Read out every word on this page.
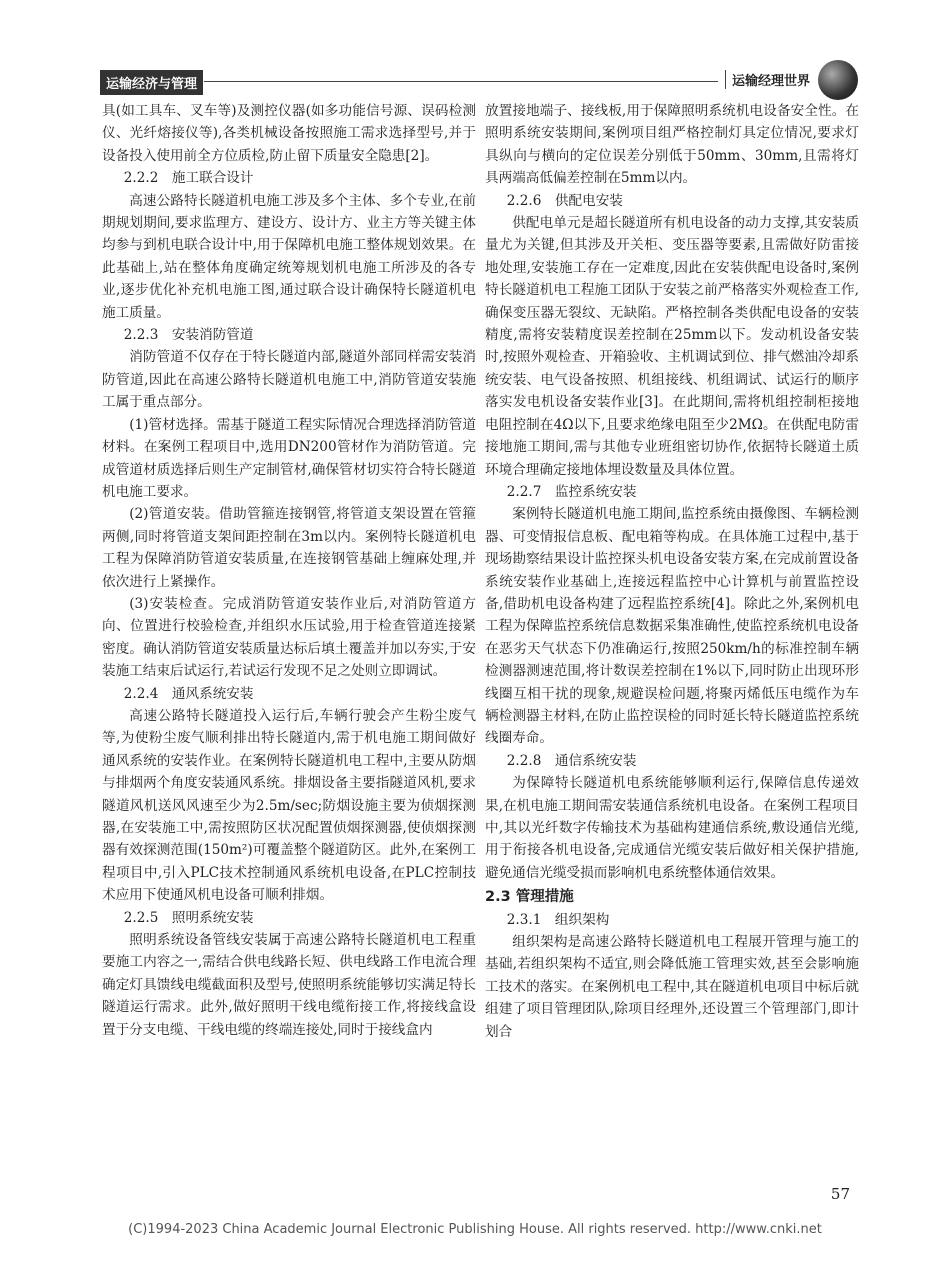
运输经济与管理	运输经理世界

具(如工具车、叉车等)及测控仪器(如多功能信号源、误码检测仪、光纤熔接仪等),各类机械设备按照施工需求选择型号,并于设备投入使用前全方位质检,防止留下质量安全隐患[2]。

2.2.2　施工联合设计

高速公路特长隧道机电施工涉及多个主体、多个专业,在前期规划期间,要求监理方、建设方、设计方、业主方等关键主体均参与到机电联合设计中,用于保障机电施工整体规划效果。在此基础上,站在整体角度确定统筹规划机电施工所涉及的各专业,逐步优化补充机电施工图,通过联合设计确保特长隧道机电施工质量。

2.2.3　安装消防管道

消防管道不仅存在于特长隧道内部,隧道外部同样需安装消防管道,因此在高速公路特长隧道机电施工中,消防管道安装施工属于重点部分。

(1)管材选择。需基于隧道工程实际情况合理选择消防管道材料。在案例工程项目中,选用DN200管材作为消防管道。完成管道材质选择后则生产定制管材,确保管材切实符合特长隧道机电施工要求。

(2)管道安装。借助管箍连接钢管,将管道支架设置在管箍两侧,同时将管道支架间距控制在3m以内。案例特长隧道机电工程为保障消防管道安装质量,在连接钢管基础上缠麻处理,并依次进行上紧操作。

(3)安装检查。完成消防管道安装作业后,对消防管道方向、位置进行校验检查,并组织水压试验,用于检查管道连接紧密度。确认消防管道安装质量达标后填土覆盖并加以夯实,于安装施工结束后试运行,若试运行发现不足之处则立即调试。

2.2.4　通风系统安装

高速公路特长隧道投入运行后,车辆行驶会产生粉尘废气等,为使粉尘废气顺利排出特长隧道内,需于机电施工期间做好通风系统的安装作业。在案例特长隧道机电工程中,主要从防烟与排烟两个角度安装通风系统。排烟设备主要指隧道风机,要求隧道风机送风风速至少为2.5m/sec;防烟设施主要为侦烟探测器,在安装施工中,需按照防区状况配置侦烟探测器,使侦烟探测器有效探测范围(150m²)可覆盖整个隧道防区。此外,在案例工程项目中,引入PLC技术控制通风系统机电设备,在PLC控制技术应用下使通风机电设备可顺利排烟。

2.2.5　照明系统安装

照明系统设备管线安装属于高速公路特长隧道机电工程重要施工内容之一,需结合供电线路长短、供电线路工作电流合理确定灯具馈线电缆截面积及型号,使照明系统能够切实满足特长隧道运行需求。此外,做好照明干线电缆衔接工作,将接线盒设置于分支电缆、干线电缆的终端连接处,同时于接线盒内

放置接地端子、接线板,用于保障照明系统机电设备安全性。在照明系统安装期间,案例项目组严格控制灯具定位情况,要求灯具纵向与横向的定位误差分别低于50mm、30mm,且需将灯具两端高低偏差控制在5mm以内。

2.2.6　供配电安装

供配电单元是超长隧道所有机电设备的动力支撑,其安装质量尤为关键,但其涉及开关柜、变压器等要素,且需做好防雷接地处理,安装施工存在一定难度,因此在安装供配电设备时,案例特长隧道机电工程施工团队于安装之前严格落实外观检查工作,确保变压器无裂纹、无缺陷。严格控制各类供配电设备的安装精度,需将安装精度误差控制在25mm以下。发动机设备安装时,按照外观检查、开箱验收、主机调试到位、排气燃油冷却系统安装、电气设备按照、机组接线、机组调试、试运行的顺序落实发电机设备安装作业[3]。在此期间,需将机组控制柜接地电阻控制在4Ω以下,且要求绝缘电阻至少2MΩ。在供配电防雷接地施工期间,需与其他专业班组密切协作,依据特长隧道土质环境合理确定接地体埋设数量及具体位置。

2.2.7　监控系统安装

案例特长隧道机电施工期间,监控系统由摄像图、车辆检测器、可变情报信息板、配电箱等构成。在具体施工过程中,基于现场勘察结果设计监控探头机电设备安装方案,在完成前置设备系统安装作业基础上,连接远程监控中心计算机与前置监控设备,借助机电设备构建了远程监控系统[4]。除此之外,案例机电工程为保障监控系统信息数据采集准确性,使监控系统机电设备在恶劣天气状态下仍准确运行,按照250km/h的标准控制车辆检测器测速范围,将计数误差控制在1%以下,同时防止出现环形线圈互相干扰的现象,规避误检问题,将聚丙烯低压电缆作为车辆检测器主材料,在防止监控误检的同时延长特长隧道监控系统线圈寿命。

2.2.8　通信系统安装

为保障特长隧道机电系统能够顺利运行,保障信息传递效果,在机电施工期间需安装通信系统机电设备。在案例工程项目中,其以光纤数字传输技术为基础构建通信系统,敷设通信光缆,用于衔接各机电设备,完成通信光缆安装后做好相关保护措施,避免通信光缆受损而影响机电系统整体通信效果。

2.3 管理措施
2.3.1　组织架构

组织架构是高速公路特长隧道机电工程展开管理与施工的基础,若组织架构不适宜,则会降低施工管理实效,甚至会影响施工技术的落实。在案例机电工程中,其在隧道机电项目中标后就组建了项目管理团队,除项目经理外,还设置三个管理部门,即计划合

57
(C)1994-2023 China Academic Journal Electronic Publishing House. All rights reserved. http://www.cnki.net
